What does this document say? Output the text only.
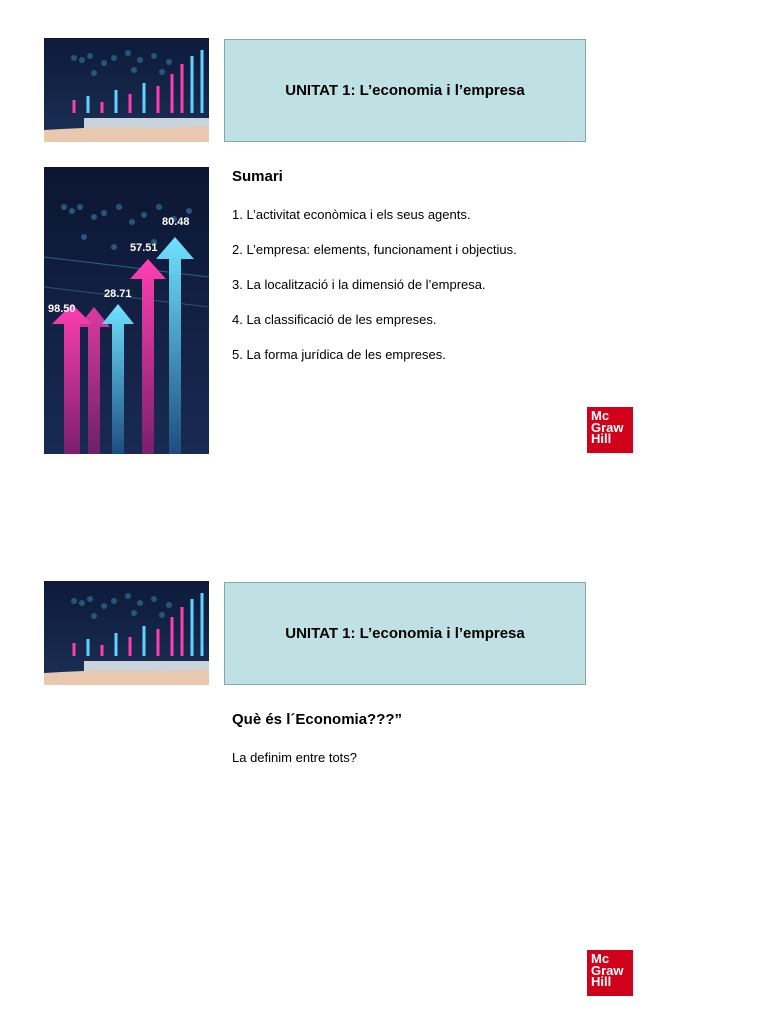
UNITAT 1: L’economia i l’empresa
98.50
28.71
57.51
80.48
Sumari
1. L’activitat econòmica i els seus agents.
2. L’empresa: elements, funcionament i objectius.
3. La localització i la dimensió de l’empresa.
4. La classificació de les empreses.
5. La forma jurídica de les empreses.
Mc
Graw
Hill
UNITAT 1: L’economia i l’empresa
Què és l´Economia???”
La definim entre tots?
Mc
Graw
Hill
